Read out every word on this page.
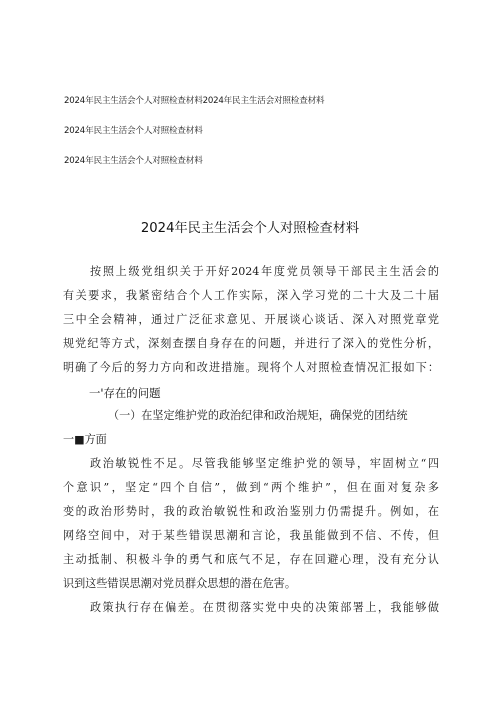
2024年民主生活会个人对照检查材料2024年民主生活会对照检查材料
2024年民主生活会个人对照检查材料
2024年民主生活会个人对照检查材料
2024年民主生活会个人对照检查材料
按照上级党组织关于开好2024年度党员领导干部民主生活会的
有关要求，我紧密结合个人工作实际，深入学习党的二十大及二十届
三中全会精神，通过广泛征求意见、开展谈心谈话、深入对照党章党
规党纪等方式，深刻查摆自身存在的问题，并进行了深入的党性分析，
明确了今后的努力方向和改进措施。现将个人对照检查情况汇报如下：
一'存在的问题
（一）在坚定维护党的政治纪律和政治规矩，确保党的团结统
一■方面
政治敏锐性不足。尽管我能够坚定维护党的领导，牢固树立“四
个意识”，坚定“四个自信”，做到“两个维护”，但在面对复杂多
变的政治形势时，我的政治敏锐性和政治鉴别力仍需提升。例如，在
网络空间中，对于某些错误思潮和言论，我虽能做到不信、不传，但
主动抵制、积极斗争的勇气和底气不足，存在回避心理，没有充分认
识到这些错误思潮对党员群众思想的潜在危害。
政策执行存在偏差。在贯彻落实党中央的决策部署上，我能够做
